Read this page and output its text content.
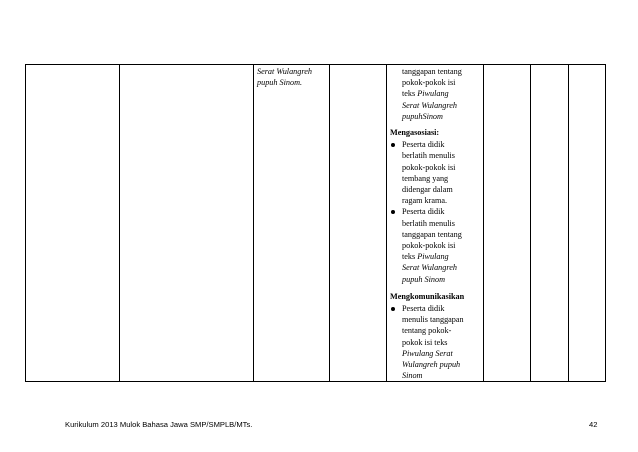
Serat Wulangreh
pupuh Sinom.
tanggapan tentang
pokok-pokok isi
teks Piwulang
Serat Wulangreh
pupuhSinom
Mengasosiasi:
Peserta didik
berlatih menulis
pokok-pokok isi
tembang yang
didengar dalam
ragam krama.
Peserta didik
berlatih menulis
tanggapan tentang
pokok-pokok isi
teks Piwulang
Serat Wulangreh
pupuh Sinom
Mengkomunikasikan
Peserta didik
menulis tanggapan
tentang pokok-
pokok isi teks
Piwulang Serat
Wulangreh pupuh
Sinom
Kurikulum 2013 Mulok Bahasa Jawa SMP/SMPLB/MTs.	42
